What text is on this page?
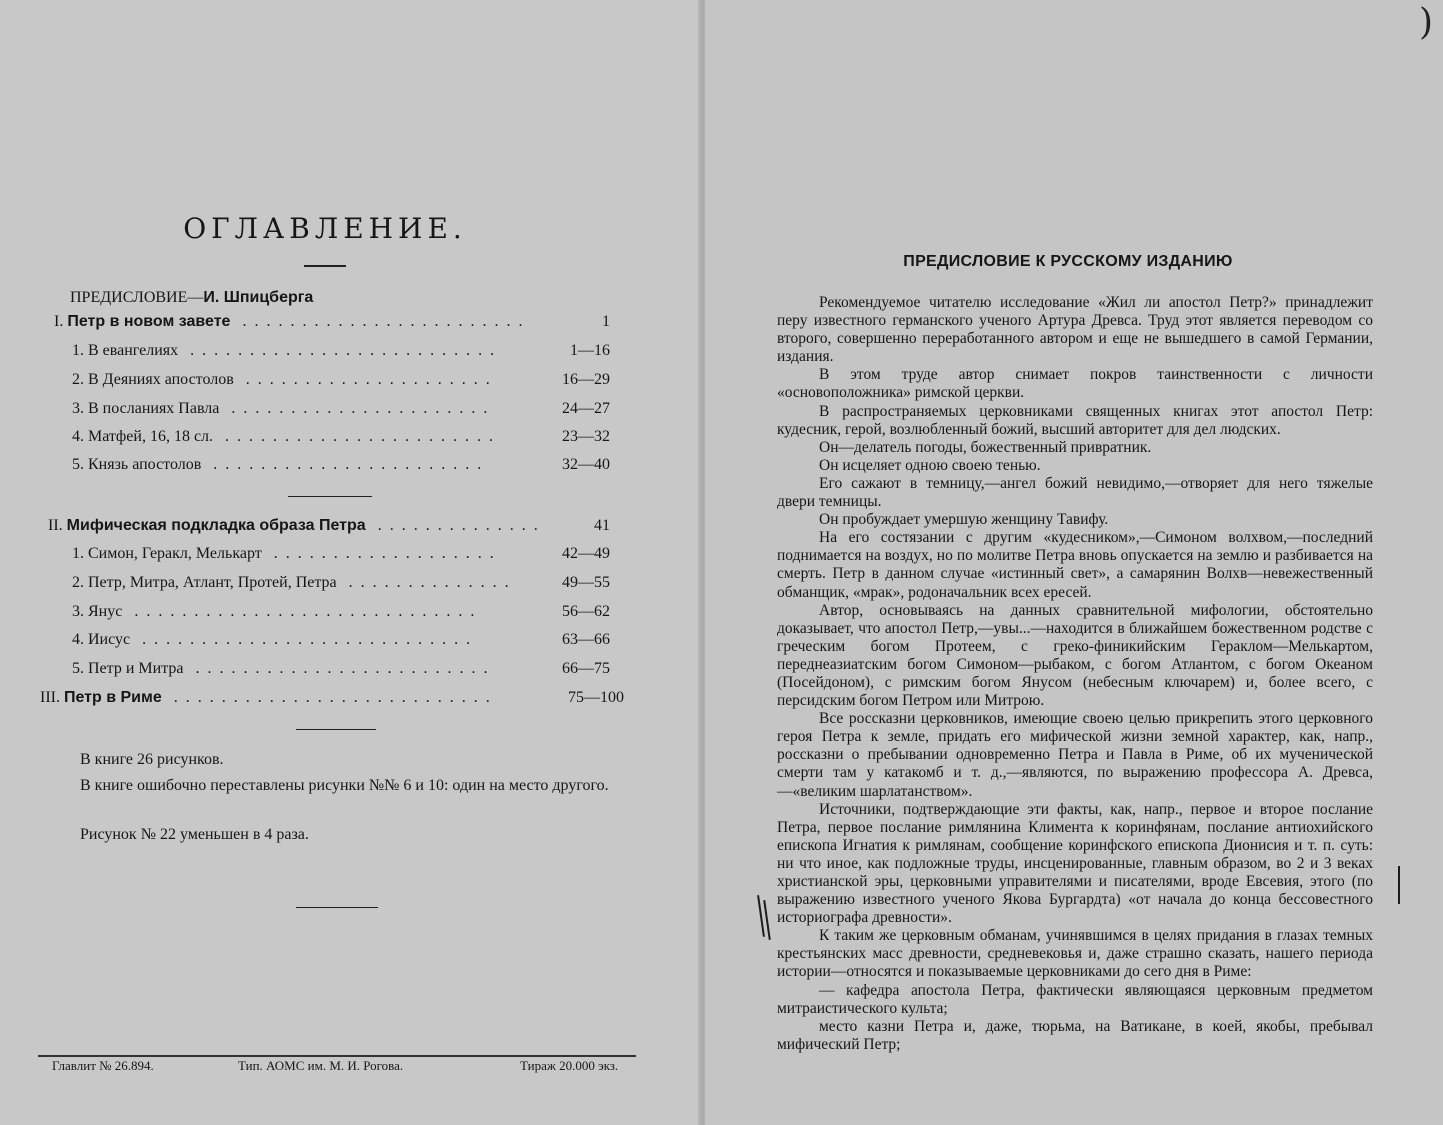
ОГЛАВЛЕНИЕ.
ПРЕДИСЛОВИЕ—И. Шпицберга
I. Петр в новом завете ........................	1
1. В евангелиях ..........................	1—16
2. В Деяниях апостолов .....................	16—29
3. В посланиях Павла ......................	24—27
4. Матфей, 16, 18 сл. .......................	23—32
5. Князь апостолов .......................	32—40
II. Мифическая подкладка образа Петра ..............	41
1. Симон, Геракл, Мелькарт ...................	42—49
2. Петр, Митра, Атлант, Протей, Петра ..............	49—55
3. Янус .............................	56—62
4. Иисус ............................	63—66
5. Петр и Митра .........................	66—75
III. Петр в Риме ...........................	75—100
В книге 26 рисунков.
В книге ошибочно переставлены рисунки №№ 6 и 10: один на место другого.
Рисунок № 22 уменьшен в 4 раза.
Главлит № 26.894.	Тип. АОМС им. М. И. Рогова.	Тираж 20.000 экз.
)
ПРЕДИСЛОВИЕ К РУССКОМУ ИЗДАНИЮ

Рекомендуемое читателю исследование «Жил ли апостол Петр?» принадлежит перу известного германского ученого Артура Древса. Труд этот является переводом со второго, совершенно переработанного автором и еще не вышедшего в самой Германии, издания.

В этом труде автор снимает покров таинственности с личности «основоположника» римской церкви.

В распространяемых церковниками священных книгах этот апостол Петр: кудесник, герой, возлюбленный божий, высший авторитет для дел людских.

Он—делатель погоды, божественный привратник.

Он исцеляет одною своею тенью.

Его сажают в темницу,—ангел божий невидимо,—отворяет для него тяжелые двери темницы.

Он пробуждает умершую женщину Тавифу.

На его состязании с другим «кудесником»,—Симоном волхвом,—последний поднимается на воздух, но по молитве Петра вновь опускается на землю и разбивается на смерть. Петр в данном случае «истинный свет», а самарянин Волхв—невежественный обманщик, «мрак», родоначальник всех ересей.

Автор, основываясь на данных сравнительной мифологии, обстоятельно доказывает, что апостол Петр,—увы...—находится в ближайшем божественном родстве с греческим богом Протеем, с греко-финикийским Гераклом—Мелькартом, переднеазиатским богом Симоном—рыбаком, с богом Атлантом, с богом Океаном (Посейдоном), с римским богом Янусом (небесным ключарем) и, более всего, с персидским богом Петром или Митрою.

Все россказни церковников, имеющие своею целью прикрепить этого церковного героя Петра к земле, придать его мифической жизни земной характер, как, напр., россказни о пребывании одновременно Петра и Павла в Риме, об их мученической смерти там у катакомб и т. д.,—являются, по выражению профессора А. Древса,—«великим шарлатанством».

Источники, подтверждающие эти факты, как, напр., первое и второе послание Петра, первое послание римлянина Климента к коринфянам, послание антиохийского епископа Игнатия к римлянам, сообщение коринфского епископа Дионисия и т. п. суть: ни что иное, как подложные труды, инсценированные, главным образом, во 2 и 3 веках христианской эры, церковными управителями и писателями, вроде Евсевия, этого (по выражению известного ученого Якова Бургардта) «от начала до конца бессовестного историографа древности».

К таким же церковным обманам, учинявшимся в целях придания в глазах темных крестьянских масс древности, средневековья и, даже страшно сказать, нашего периода истории—относятся и показываемые церковниками до сего дня в Риме:

— кафедра апостола Петра, фактически являющаяся церковным предметом митраистического культа;

место казни Петра и, даже, тюрьма, на Ватикане, в коей, якобы, пребывал мифический Петр;
